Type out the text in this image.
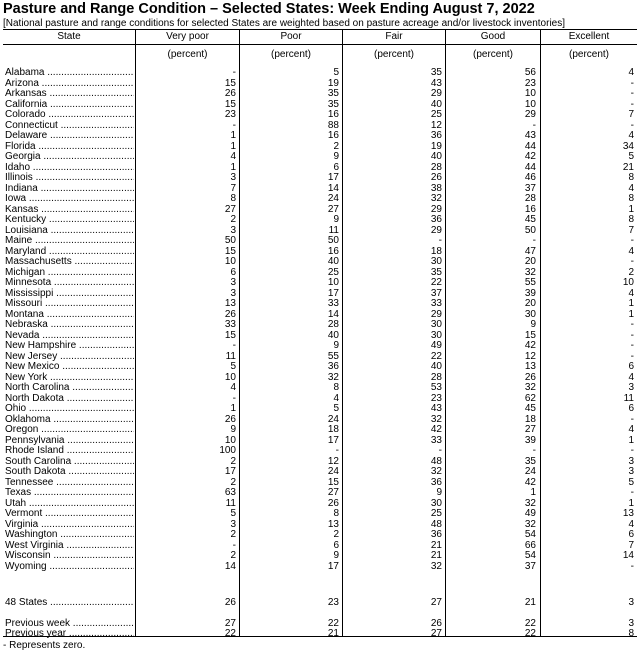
Pasture and Range Condition – Selected States: Week Ending August 7, 2022
[National pasture and range conditions for selected States are weighted based on pasture acreage and/or livestock inventories]
State	Very poor	Poor	Fair	Good	Excellent
(percent)	(percent)	(percent)	(percent)	(percent)
Alabama .....	-	5	35	56	4
Arizona .....	15	19	43	23	-
Arkansas .....	26	35	29	10	-
California .....	15	35	40	10	-
Colorado .....	23	16	25	29	7
Connecticut .....	-	88	12	-	-
Delaware .....	1	16	36	43	4
Florida .....	1	2	19	44	34
Georgia .....	4	9	40	42	5
Idaho .....	1	6	28	44	21
Illinois .....	3	17	26	46	8
Indiana .....	7	14	38	37	4
Iowa .....	8	24	32	28	8
Kansas .....	27	27	29	16	1
Kentucky .....	2	9	36	45	8
Louisiana .....	3	11	29	50	7
Maine .....	50	50	-	-	-
Maryland .....	15	16	18	47	4
Massachusetts .....	10	40	30	20	-
Michigan .....	6	25	35	32	2
Minnesota .....	3	10	22	55	10
Mississippi .....	3	17	37	39	4
Missouri .....	13	33	33	20	1
Montana .....	26	14	29	30	1
Nebraska .....	33	28	30	9	-
Nevada .....	15	40	30	15	-
New Hampshire .....	-	9	49	42	-
New Jersey .....	11	55	22	12	-
New Mexico .....	5	36	40	13	6
New York .....	10	32	28	26	4
North Carolina .....	4	8	53	32	3
North Dakota .....	-	4	23	62	11
Ohio .....	1	5	43	45	6
Oklahoma .....	26	24	32	18	-
Oregon .....	9	18	42	27	4
Pennsylvania .....	10	17	33	39	1
Rhode Island .....	100	-	-	-	-
South Carolina .....	2	12	48	35	3
South Dakota .....	17	24	32	24	3
Tennessee .....	2	15	36	42	5
Texas .....	63	27	9	1	-
Utah .....	11	26	30	32	1
Vermont .....	5	8	25	49	13
Virginia .....	3	13	48	32	4
Washington .....	2	2	36	54	6
West Virginia .....	-	6	21	66	7
Wisconsin .....	2	9	21	54	14
Wyoming .....	14	17	32	37	-
48 States .....	26	23	27	21	3
Previous week .....	27	22	26	22	3
Previous year .....	22	21	27	22	8
- Represents zero.
